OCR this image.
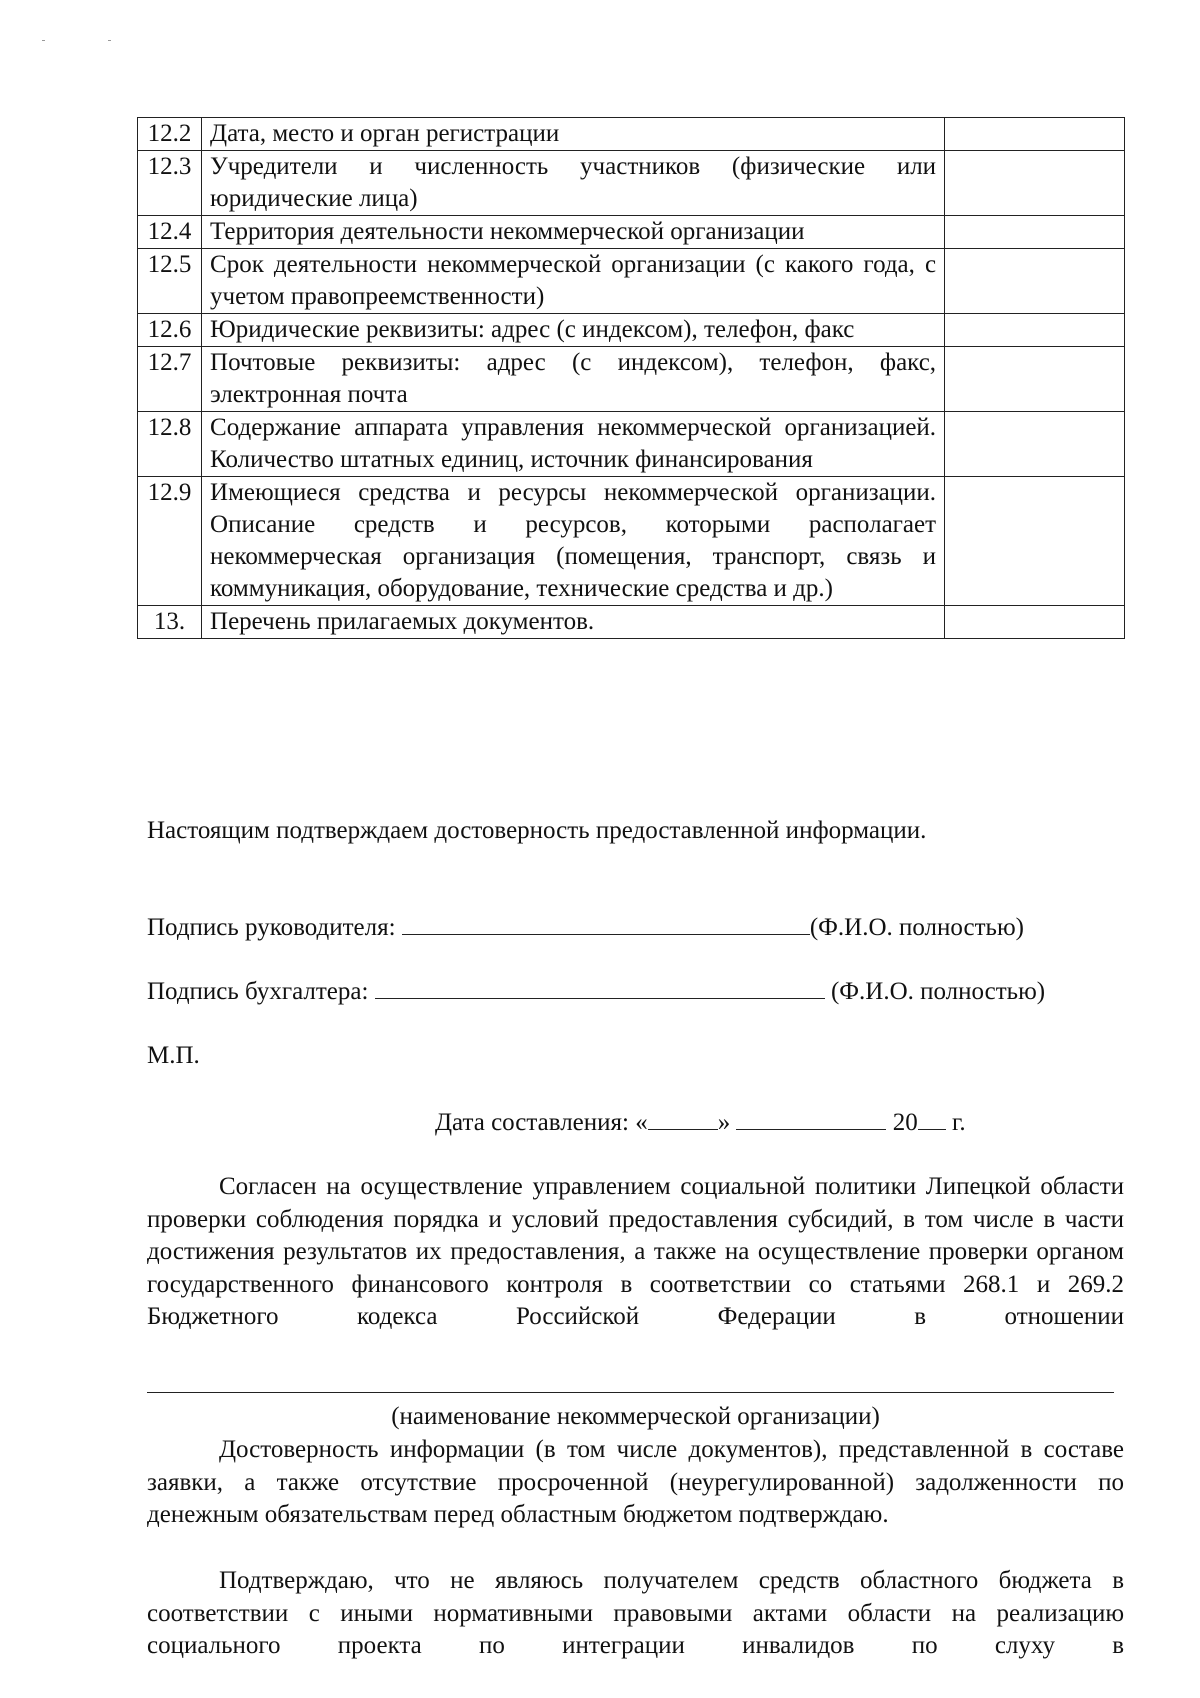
12.2	Дата, место и орган регистрации	

12.3	Учредители и численность участников (физические или юридические лица)	

12.4	Территория деятельности некоммерческой организации	

12.5	Срок деятельности некоммерческой организации (с какого года, с учетом правопреемственности)	

12.6	Юридические реквизиты: адрес (с индексом), телефон, факс	

12.7	Почтовые реквизиты: адрес (с индексом), телефон, факс, электронная почта	

12.8	Содержание аппарата управления некоммерческой организацией. Количество штатных единиц, источник финансирования	

12.9	Имеющиеся средства и ресурсы некоммерческой организации. Описание средств и ресурсов, которыми располагает некоммерческая организация (помещения, транспорт, связь и коммуникация, оборудование, технические средства и др.)	

13.	Перечень прилагаемых документов.	

Настоящим подтверждаем достоверность предоставленной информации.
Подпись руководителя:	(Ф.И.О. полностью)
Подпись бухгалтера:	(Ф.И.О. полностью)
М.П.
Дата составления: «	»	20 г.
Согласен на осуществление управлением социальной политики Липецкой области проверки соблюдения порядка и условий предоставления субсидий, в том числе в части достижения результатов их предоставления, а также на осуществление проверки органом государственного финансового контроля в соответствии со статьями 268.1 и 269.2 Бюджетного кодекса Российской Федерации в отношении
(наименование некоммерческой организации)
Достоверность информации (в том числе документов), представленной в составе заявки, а также отсутствие просроченной (неурегулированной) задолженности по денежным обязательствам перед областным бюджетом подтверждаю.
Подтверждаю, что не являюсь получателем средств областного бюджета в соответствии с иными нормативными правовыми актами области на реализацию социального проекта по интеграции инвалидов по слуху в
